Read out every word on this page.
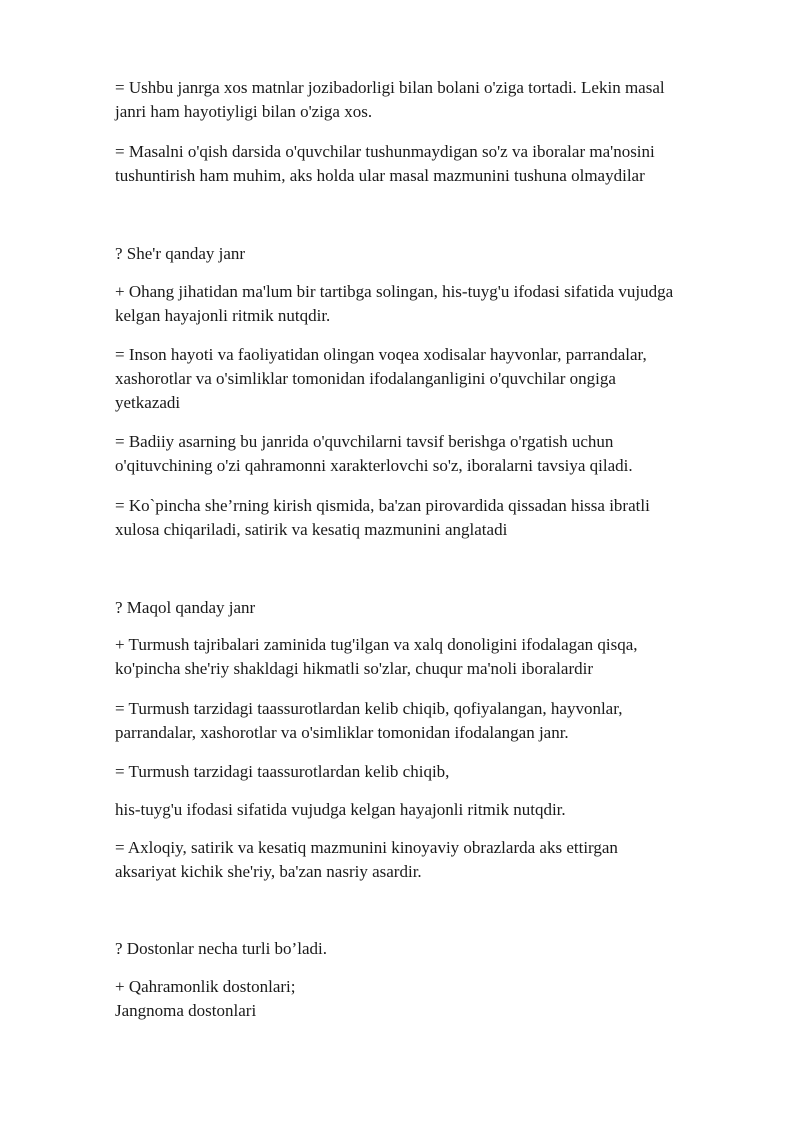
= Ushbu janrga xos matnlar jozibadorligi bilan bolani o'ziga tortadi. Lekin masal
janri ham hayotiyligi bilan o'ziga xos.

= Masalni o'qish darsida o'quvchilar tushunmaydigan so'z va iboralar ma'nosini
tushuntirish ham muhim, aks holda ular masal mazmunini tushuna olmaydilar

? She'r qanday janr

+ Ohang jihatidan ma'lum bir tartibga solingan, his-tuyg'u ifodasi sifatida vujudga
kelgan hayajonli ritmik nutqdir.

= Inson hayoti va faoliyatidan olingan voqea xodisalar hayvonlar, parrandalar,
xashorotlar va o'simliklar tomonidan ifodalanganligini o'quvchilar ongiga
yetkazadi

= Badiiy asarning bu janrida o'quvchilarni tavsif berishga o'rgatish uchun
o'qituvchining o'zi qahramonni xarakterlovchi so'z, iboralarni tavsiya qiladi.

= Ko`pincha she’rning kirish qismida, ba'zan pirovardida qissadan hissa ibratli
xulosa chiqariladi, satirik va kesatiq mazmunini anglatadi

? Maqol qanday janr

+ Turmush tajribalari zaminida tug'ilgan va xalq donoligini ifodalagan qisqa,
ko'pincha she'riy shakldagi hikmatli so'zlar, chuqur ma'noli iboralardir

= Turmush tarzidagi taassurotlardan kelib chiqib, qofiyalangan, hayvonlar,
parrandalar, xashorotlar va o'simliklar tomonidan ifodalangan janr.

= Turmush tarzidagi taassurotlardan kelib chiqib,

his-tuyg'u ifodasi sifatida vujudga kelgan hayajonli ritmik nutqdir.

= Axloqiy, satirik va kesatiq mazmunini kinoyaviy obrazlarda aks ettirgan
aksariyat kichik she'riy, ba'zan nasriy asardir.

? Dostonlar necha turli bo’ladi.

+ Qahramonlik dostonlari;
Jangnoma dostonlari
